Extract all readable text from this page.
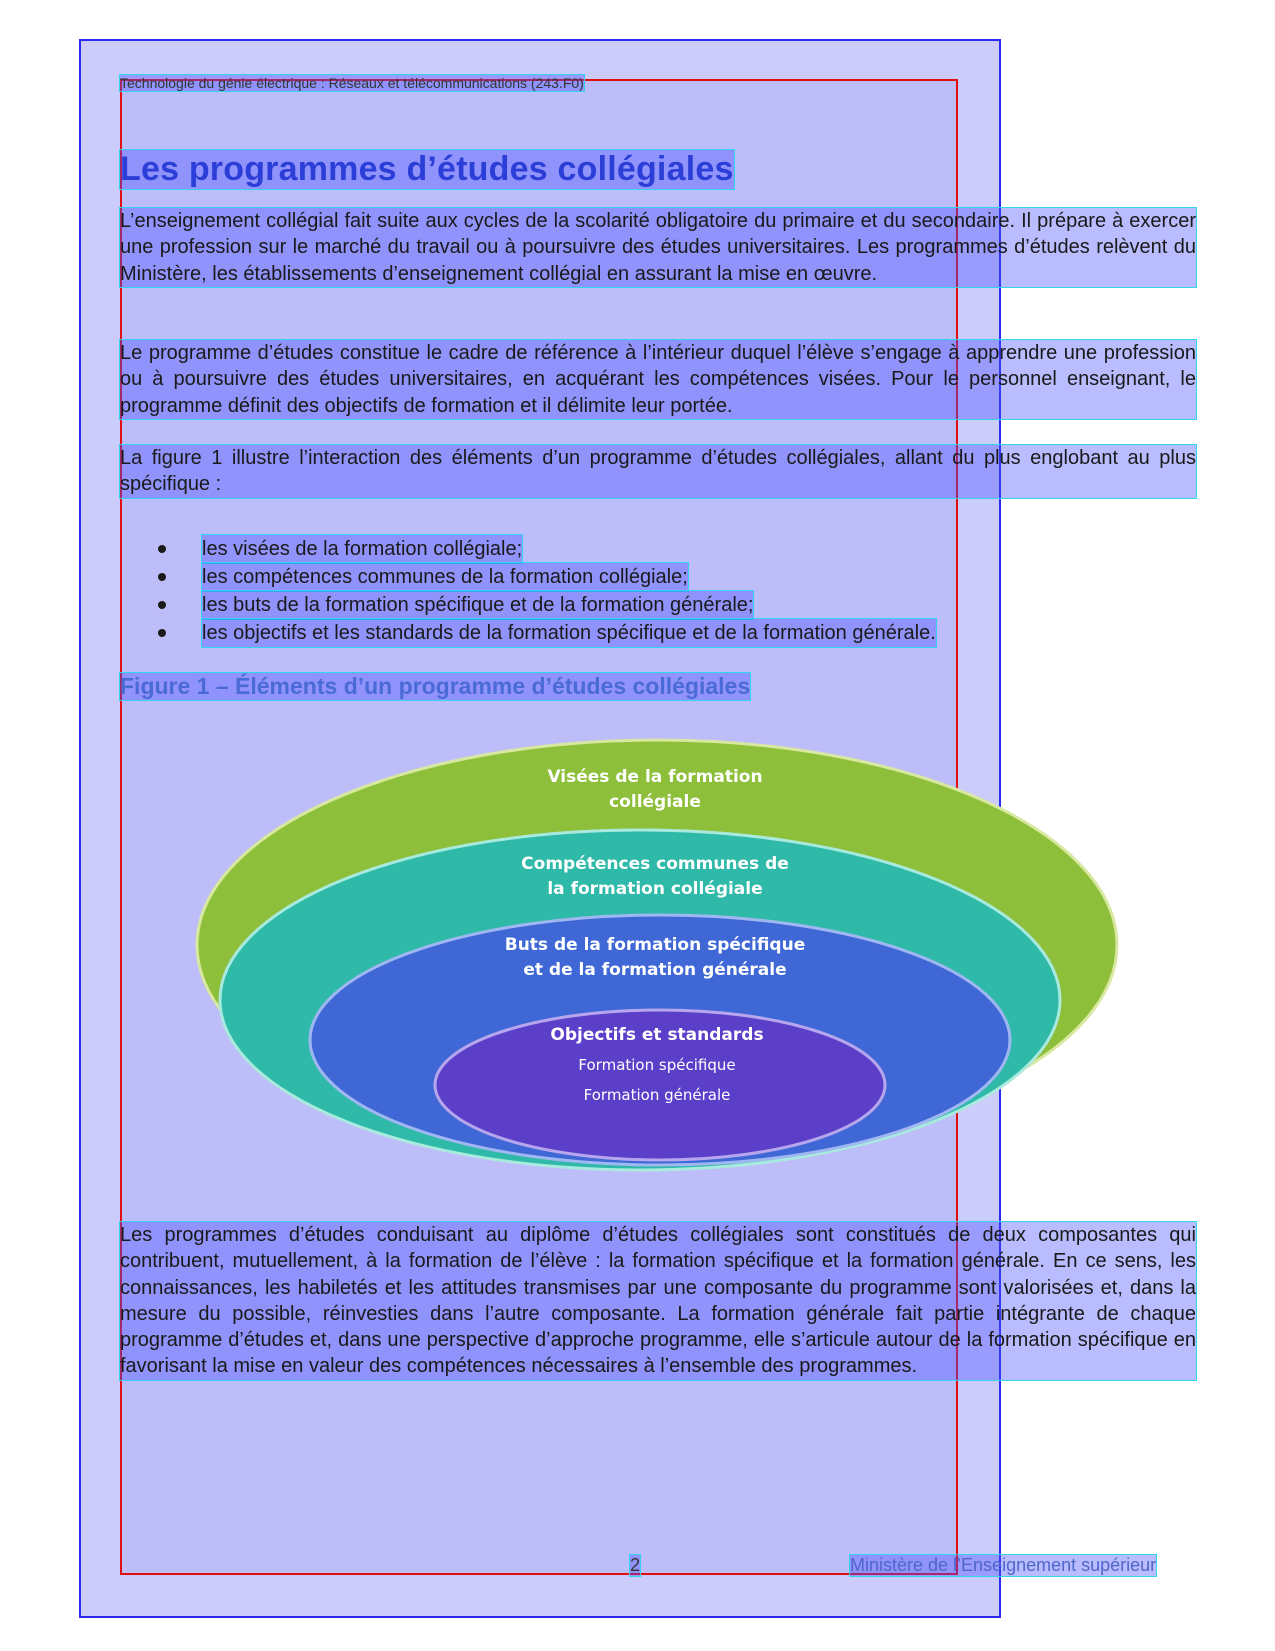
Technologie du génie électrique : Réseaux et télécommunications (243.F0)
Les programmes d’études collégiales

L’enseignement collégial fait suite aux cycles de la scolarité obligatoire du primaire et du secondaire. Il prépare à exercer une profession sur le marché du travail ou à poursuivre des études universitaires. Les programmes d’études relèvent du Ministère, les établissements d’enseignement collégial en assurant la mise en œuvre.

Le programme d’études constitue le cadre de référence à l’intérieur duquel l’élève s’engage à apprendre une profession ou à poursuivre des études universitaires, en acquérant les compétences visées. Pour le personnel enseignant, le programme définit des objectifs de formation et il délimite leur portée.

La figure 1 illustre l’interaction des éléments d’un programme d’études collégiales, allant du plus englobant au plus spécifique :

les visées de la formation collégiale;
les compétences communes de la formation collégiale;
les buts de la formation spécifique et de la formation générale;
les objectifs et les standards de la formation spécifique et de la formation générale.
Figure 1 – Éléments d’un programme d’études collégiales
Visées de la formation
collégiale
Compétences communes de
la formation collégiale
Buts de la formation spécifique
et de la formation générale
Objectifs et standards
Formation spécifique
Formation générale

Les programmes d’études conduisant au diplôme d’études collégiales sont constitués de deux composantes qui contribuent, mutuellement, à la formation de l’élève : la formation spécifique et la formation générale. En ce sens, les connaissances, les habiletés et les attitudes transmises par une composante du programme sont valorisées et, dans la mesure du possible, réinvesties dans l’autre composante. La formation générale fait partie intégrante de chaque programme d’études et, dans une perspective d’approche programme, elle s’articule autour de la formation spécifique en favorisant la mise en valeur des compétences nécessaires à l’ensemble des programmes.

2	Ministère de l’Enseignement supérieur
